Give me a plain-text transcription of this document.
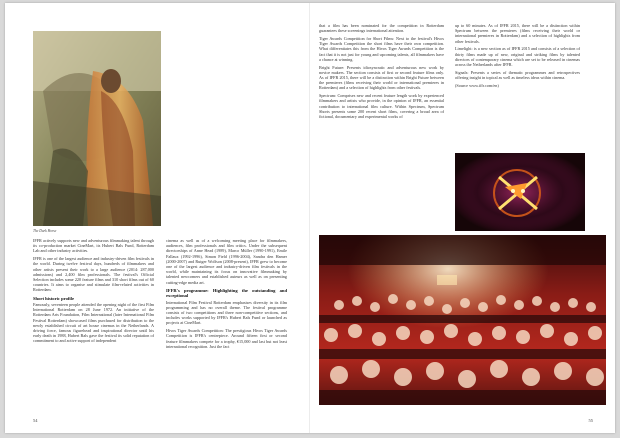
The Dark Horse

IFFR actively supports new and adventurous filmmaking talent through its co-production market CineMart, its Hubert Bals Fund, Rotterdam Lab and other industry activities.

IFFR is one of the largest audience and industry-driven film festivals in the world. During twelve festival days, hundreds of filmmakers and other artists present their work to a large audience (2014: 287,000 admissions) and 2,400 film professionals. The festival's Official Selection includes some 220 feature films and 310 short films out of 60 countries. It aims to organise and stimulate film-related activities in Rotterdam.

Short historic profile

Famously, seventeen people attended the opening night of the first Film International Rotterdam on 28 June 1972. An initiative of the Rotterdam Arts Foundation, Film International (later International Film Festival Rotterdam) showcased films purchased for distribution to the newly established circuit of art house cinemas in the Netherlands. A driving force, famous figurehead and inspirational director until his early death in 1988, Hubert Bals gave the festival its solid reputation of commitment to and active support of independent

cinema as well as of a welcoming meeting place for filmmakers, audiences, film professionals and film critics. Under the subsequent directorships of Anne Head (1989), Marco Müller (1990-1991), Emile Fallaux (1992-1996), Simon Field (1996-2004), Sandra den Hamer (2000-2007) and Rutger Wolfson (2008-present), IFFR grew to become one of the largest audience and industry-driven film festivals in the world, while maintaining its focus on innovative filmmaking by talented newcomers and established auteurs as well as on presenting cutting-edge media art.

IFFR's programme: Highlighting the outstanding and exceptional

International Film Festival Rotterdam emphasises diversity in its film programming and has no overall theme. The festival programme consists of two competitions and three non-competitive sections, and includes works supported by IFFR's Hubert Bals Fund or launched as projects at CineMart.

Hivos Tiger Awards Competition: The prestigious Hivos Tiger Awards Competition is IFFR's centrepiece. Around fifteen first or second feature filmmakers compete for a trophy, €15,000 and last but not least international recognition. Just the fact

54

that a film has been nominated for the competition in Rotterdam guarantees these screenings international attention.

Tiger Awards Competition for Short Films: Next to the festival's Hivos Tiger Awards Competition the short films have their own competition. What differentiates this from the Hivos Tiger Awards Competition is the fact that it is not just for young and upcoming talents, all filmmakers have a chance at winning.

Bright Future: Presents idiosyncratic and adventurous new work by novice makers. The section consists of first or second feature films only. As of IFFR 2015, there will be a distinction within Bright Future between the premieres (films receiving their world or international premieres in Rotterdam) and a selection of highlights from other festivals.

Spectrum: Comprises new and recent feature length work by experienced filmmakers and artists who provide, in the opinion of IFFR, an essential contribution to international film culture. Within Spectrum, Spectrum Shorts presents some 200 recent short films, covering a broad area of fictional, documentary and experimental works of

up to 60 minutes. As of IFFR 2015, there will be a distinction within Spectrum between the premieres (films receiving their world or international premieres in Rotterdam) and a selection of highlights from other festivals.

Limelight: is a new section as of IFFR 2015 and consists of a selection of thirty films made up of new, original and striking films by talented directors of contemporary cinema which are set to be released in cinemas across the Netherlands after IFFR.

Signals: Presents a series of thematic programmes and retrospectives offering insight in topical as well as timeless ideas within cinema.

(Source www.iffr.com/en)

55
